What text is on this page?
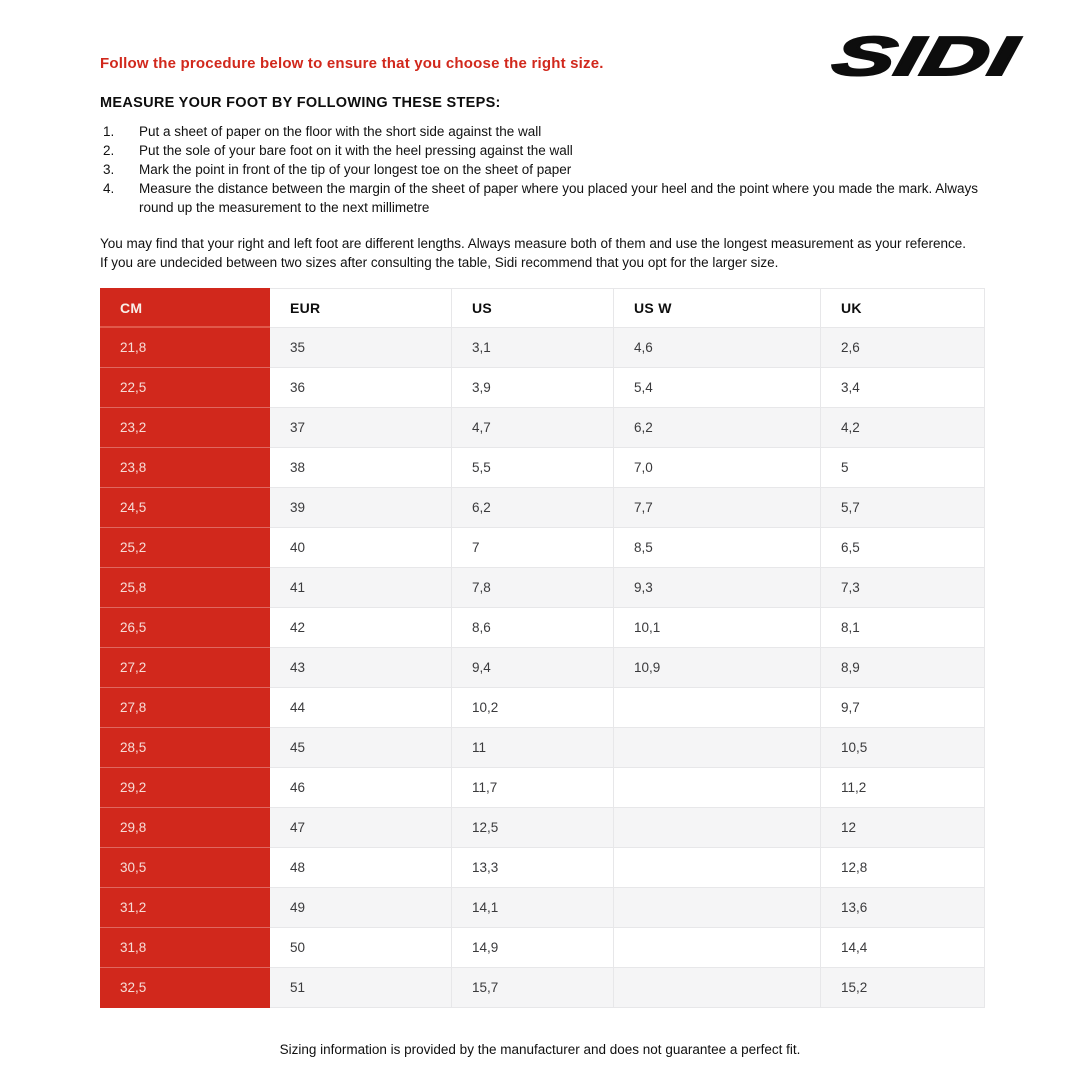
SIDI

Follow the procedure below to ensure that you choose the right size.

MEASURE YOUR FOOT BY FOLLOWING THESE STEPS:
Put a sheet of paper on the floor with the short side against the wall
Put the sole of your bare foot on it with the heel pressing against the wall
Mark the point in front of the tip of your longest toe on the sheet of paper
Measure the distance between the margin of the sheet of paper where you placed your heel and the point where you made the mark. Always round up the measurement to the next millimetre

You may find that your right and left foot are different lengths. Always measure both of them and use the longest measurement as your reference.

If you are undecided between two sizes after consulting the table, Sidi recommend that you opt for the larger size.

CM	EUR	US	US W	UK
21,8	35	3,1	4,6	2,6
22,5	36	3,9	5,4	3,4
23,2	37	4,7	6,2	4,2
23,8	38	5,5	7,0	5
24,5	39	6,2	7,7	5,7
25,2	40	7	8,5	6,5
25,8	41	7,8	9,3	7,3
26,5	42	8,6	10,1	8,1
27,2	43	9,4	10,9	8,9
27,8	44	10,2		9,7
28,5	45	11		10,5
29,2	46	11,7		11,2
29,8	47	12,5		12
30,5	48	13,3		12,8
31,2	49	14,1		13,6
31,8	50	14,9		14,4
32,5	51	15,7		15,2

Sizing information is provided by the manufacturer and does not guarantee a perfect fit.
